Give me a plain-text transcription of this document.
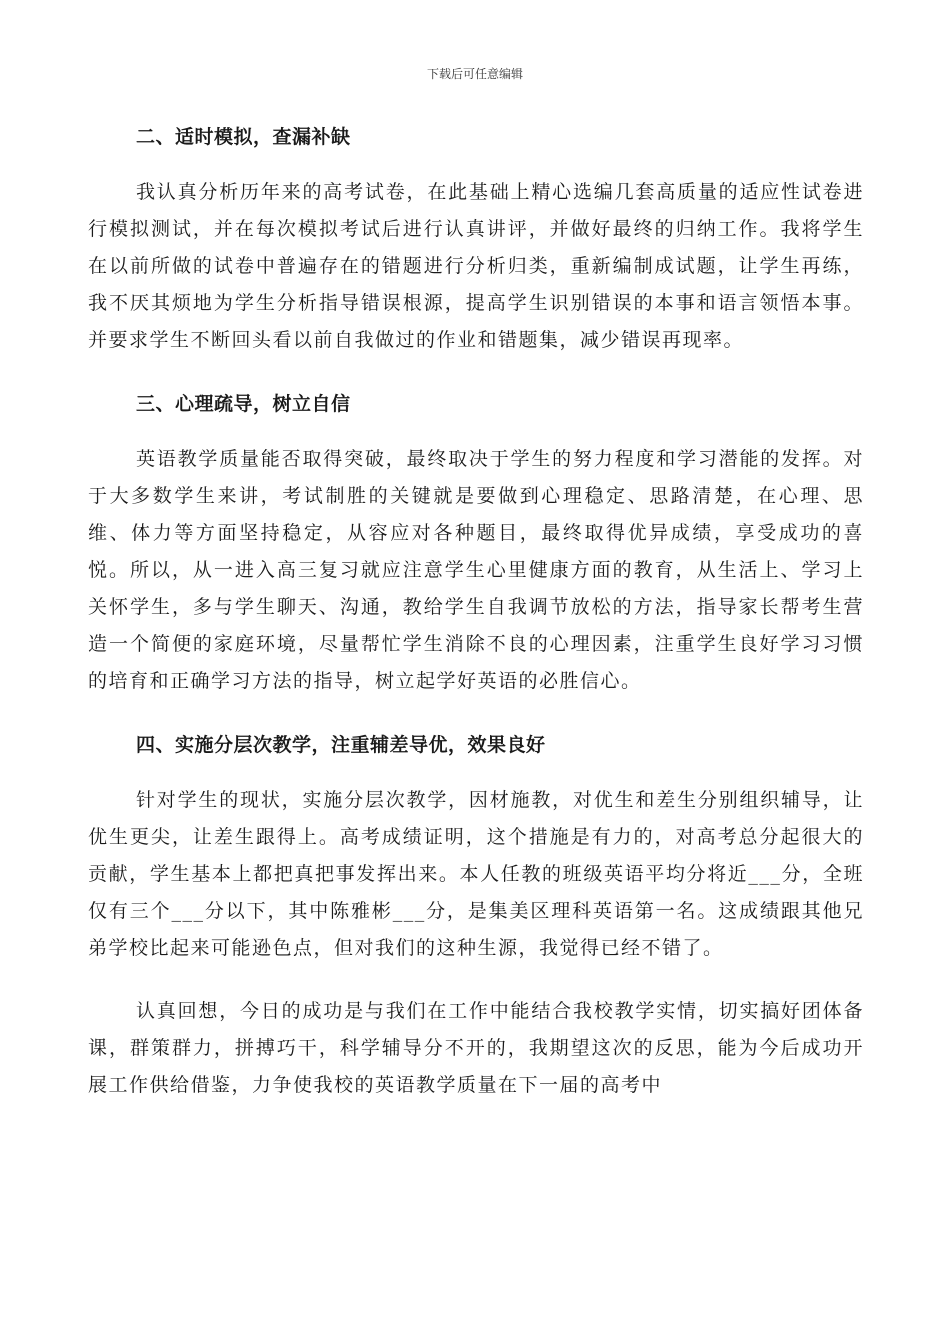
下载后可任意编辑
二、适时模拟，查漏补缺

我认真分析历年来的高考试卷，在此基础上精心选编几套高质量的适应性试卷进行模拟测试，并在每次模拟考试后进行认真讲评，并做好最终的归纳工作。我将学生在以前所做的试卷中普遍存在的错题进行分析归类，重新编制成试题，让学生再练，我不厌其烦地为学生分析指导错误根源，提高学生识别错误的本事和语言领悟本事。并要求学生不断回头看以前自我做过的作业和错题集，减少错误再现率。

三、心理疏导，树立自信

英语教学质量能否取得突破，最终取决于学生的努力程度和学习潜能的发挥。对于大多数学生来讲，考试制胜的关键就是要做到心理稳定、思路清楚，在心理、思维、体力等方面坚持稳定，从容应对各种题目，最终取得优异成绩，享受成功的喜悦。所以，从一进入高三复习就应注意学生心里健康方面的教育，从生活上、学习上关怀学生，多与学生聊天、沟通，教给学生自我调节放松的方法，指导家长帮考生营造一个简便的家庭环境，尽量帮忙学生消除不良的心理因素，注重学生良好学习习惯的培育和正确学习方法的指导，树立起学好英语的必胜信心。

四、实施分层次教学，注重辅差导优，效果良好

针对学生的现状，实施分层次教学，因材施教，对优生和差生分别组织辅导，让优生更尖，让差生跟得上。高考成绩证明，这个措施是有力的，对高考总分起很大的贡献，学生基本上都把真把事发挥出来。本人任教的班级英语平均分将近___分，全班仅有三个___分以下，其中陈雅彬___分，是集美区理科英语第一名。这成绩跟其他兄弟学校比起来可能逊色点，但对我们的这种生源，我觉得已经不错了。

认真回想，今日的成功是与我们在工作中能结合我校教学实情，切实搞好团体备课，群策群力，拼搏巧干，科学辅导分不开的，我期望这次的反思，能为今后成功开展工作供给借鉴，力争使我校的英语教学质量在下一届的高考中
